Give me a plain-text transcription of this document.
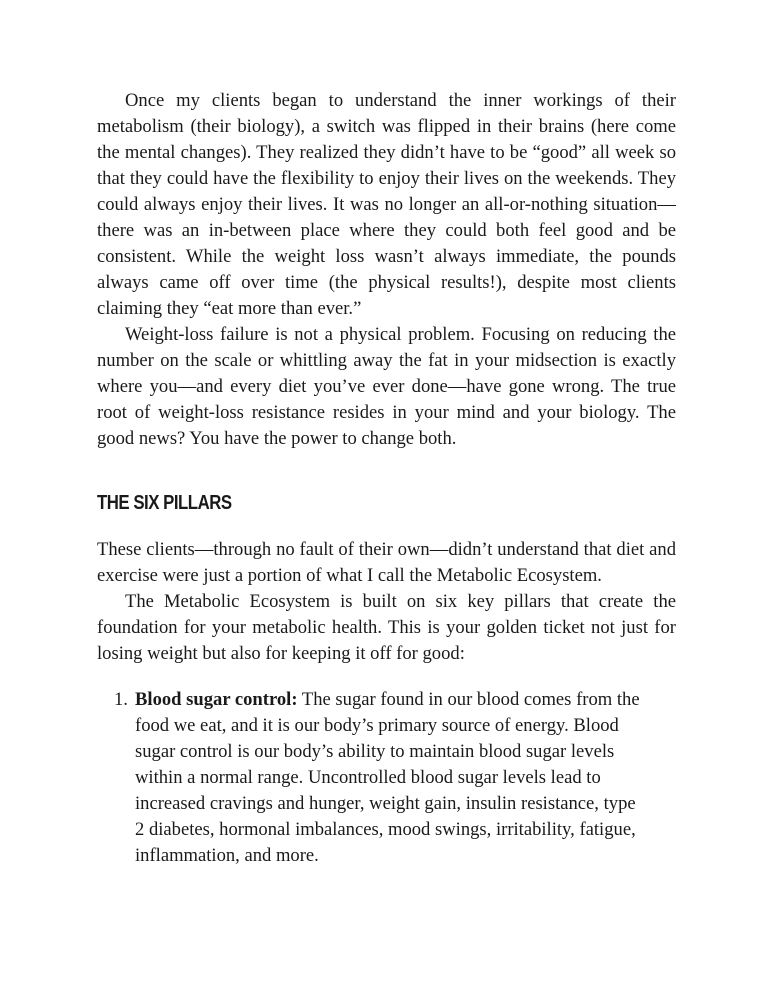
Once my clients began to understand the inner workings of their metabolism (their biology), a switch was flipped in their brains (here come the mental changes). They realized they didn’t have to be “good” all week so that they could have the flexibility to enjoy their lives on the weekends. They could always enjoy their lives. It was no longer an all-or-nothing situation—there was an in-between place where they could both feel good and be consistent. While the weight loss wasn’t always immediate, the pounds always came off over time (the physical results!), despite most clients claiming they “eat more than ever.”

Weight-loss failure is not a physical problem. Focusing on reducing the number on the scale or whittling away the fat in your midsection is exactly where you—and every diet you’ve ever done—have gone wrong. The true root of weight-loss resistance resides in your mind and your biology. The good news? You have the power to change both.

THE SIX PILLARS

These clients—through no fault of their own—didn’t understand that diet and exercise were just a portion of what I call the Metabolic Ecosystem.

The Metabolic Ecosystem is built on six key pillars that create the foundation for your metabolic health. This is your golden ticket not just for losing weight but also for keeping it off for good:

1. Blood sugar control: The sugar found in our blood comes from the food we eat, and it is our body’s primary source of energy. Blood sugar control is our body’s ability to maintain blood sugar levels within a normal range. Uncontrolled blood sugar levels lead to increased cravings and hunger, weight gain, insulin resistance, type 2 diabetes, hormonal imbalances, mood swings, irritability, fatigue, inflammation, and more.
